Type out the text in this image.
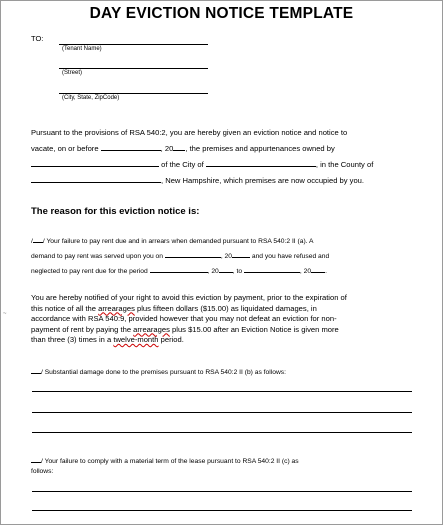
DAY EVICTION NOTICE TEMPLATE
TO:
(Tenant Name)
(Street)
(City, State, ZipCode)
Pursuant to the provisions of RSA 540:2, you are hereby given an eviction notice and notice to
vacate, on or before	, 20 , the premises and appurtenances owned by
of the City of	, in the County of
, New Hampshire, which premises are now occupied by you.
The reason for this eviction notice is:
/ / Your failure to pay rent due and in arrears when demanded pursuant to RSA 540:2 II (a). A
demand to pay rent was served upon you on	, 20	and you have refused and
neglected to pay rent due for the period	, 20 , to	, 20 .
You are hereby notified of your right to avoid this eviction by payment, prior to the expiration of
this notice of all the arrearages plus fifteen dollars ($15.00) as liquidated damages, in
accordance with RSA 540:9, provided however that you may not defeat an eviction for non-
payment of rent by paying the arrearages plus $15.00 after an Eviction Notice is given more
than three (3) times in a twelve-month period.
/ Substantial damage done to the premises pursuant to RSA 540:2 II (b) as follows:
/ Your failure to comply with a material term of the lease pursuant to RSA 540:2 II (c) as
follows:
~
